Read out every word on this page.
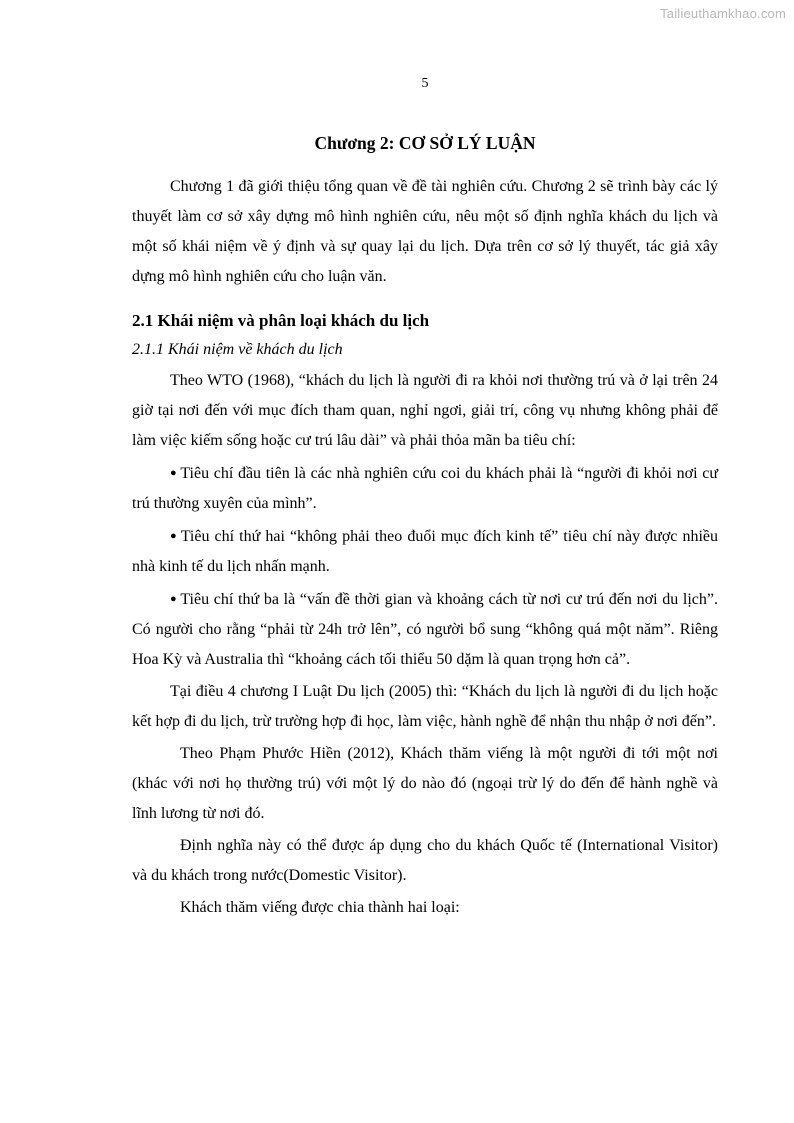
Tailieuthamkhao.com
5
Chương 2: CƠ SỞ LÝ LUẬN

Chương 1 đã giới thiệu tổng quan về đề tài nghiên cứu. Chương 2 sẽ trình bày các lý thuyết làm cơ sở xây dựng mô hình nghiên cứu, nêu một số định nghĩa khách du lịch và một số khái niệm về ý định và sự quay lại du lịch. Dựa trên cơ sở lý thuyết, tác giả xây dựng mô hình nghiên cứu cho luận văn.

2.1 Khái niệm và phân loại khách du lịch
2.1.1 Khái niệm về khách du lịch

Theo WTO (1968), “khách du lịch là người đi ra khỏi nơi thường trú và ở lại trên 24 giờ tại nơi đến với mục đích tham quan, nghỉ ngơi, giải trí, công vụ nhưng không phải để làm việc kiếm sống hoặc cư trú lâu dài” và phải thỏa mãn ba tiêu chí:

● Tiêu chí đầu tiên là các nhà nghiên cứu coi du khách phải là “người đi khỏi nơi cư trú thường xuyên của mình”.

● Tiêu chí thứ hai “không phải theo đuổi mục đích kinh tế” tiêu chí này được nhiều nhà kinh tế du lịch nhấn mạnh.

● Tiêu chí thứ ba là “vấn đề thời gian và khoảng cách từ nơi cư trú đến nơi du lịch”. Có người cho rằng “phải từ 24h trở lên”, có người bổ sung “không quá một năm”. Riêng Hoa Kỳ và Australia thì “khoảng cách tối thiểu 50 dặm là quan trọng hơn cả”.

Tại điều 4 chương I Luật Du lịch (2005) thì: “Khách du lịch là người đi du lịch hoặc kết hợp đi du lịch, trừ trường hợp đi học, làm việc, hành nghề để nhận thu nhập ở nơi đến”.

Theo Phạm Phước Hiền (2012), Khách thăm viếng là một người đi tới một nơi (khác với nơi họ thường trú) với một lý do nào đó (ngoại trừ lý do đến để hành nghề và lĩnh lương từ nơi đó.

Định nghĩa này có thể được áp dụng cho du khách Quốc tế (International Visitor) và du khách trong nước(Domestic Visitor).

Khách thăm viếng được chia thành hai loại:
